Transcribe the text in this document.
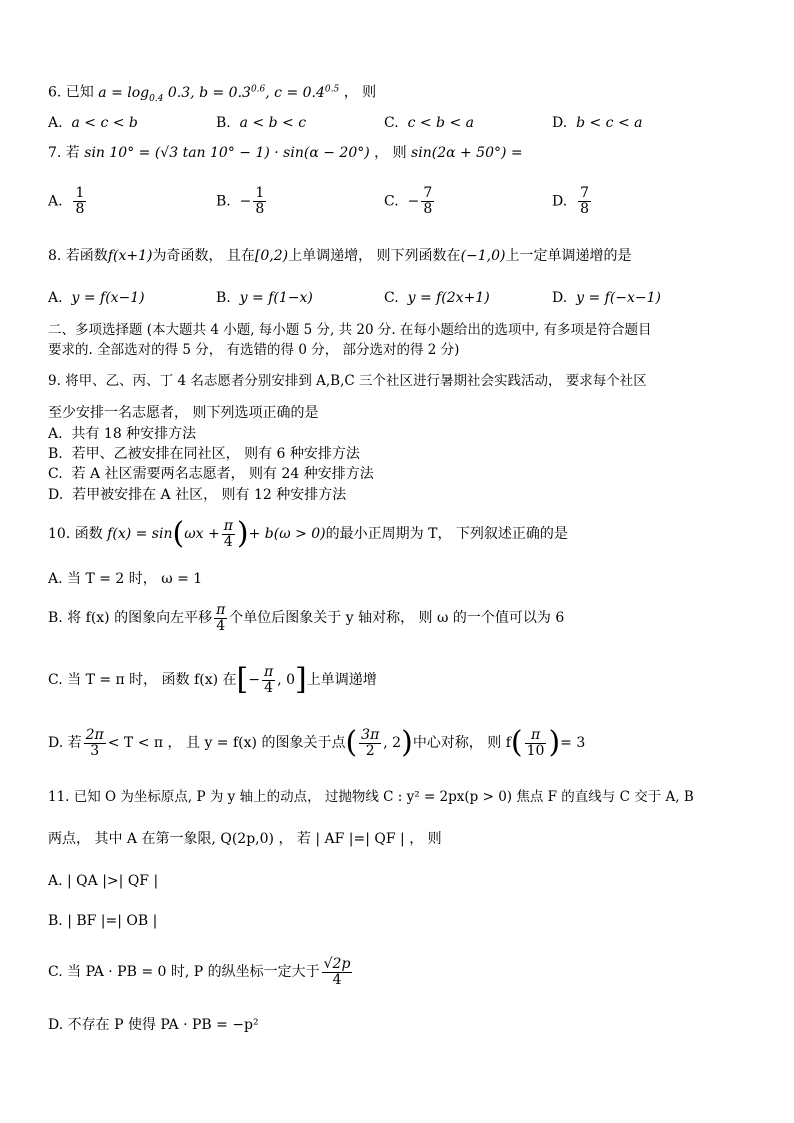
6. 已知 $a = \log_{0.4} 0.3$, $b = 0.3^{0.6}$, $c = 0.4^{0.5}$ ， 则
A. a < c < b	B. a < b < c	C. c < b < a	D. b < c < a
7. 若 sin 10° = (√3 tan 10° − 1) · sin(α − 20°) ， 则 sin(2α + 50°) =
A. $\frac{1}{8}$	B. − $\frac{1}{8}$	C. − $\frac{7}{8}$	D. $\frac{7}{8}$
8. 若函数f(x+1)为奇函数， 且在[0,2)上单调递增， 则下列函数在(−1,0)上一定单调递增的是
A. y = f(x−1)	B. y = f(1−x)	C. y = f(2x+1)	D. y = f(−x−1)
二、多项选择题 (本大题共 4 小题, 每小题 5 分, 共 20 分. 在每小题给出的选项中, 有多项是符合题目
要求的. 全部选对的得 5 分， 有选错的得 0 分， 部分选对的得 2 分)
9. 将甲、乙、丙、丁 4 名志愿者分别安排到 A,B,C 三个社区进行暑期社会实践活动， 要求每个社区
至少安排一名志愿者， 则下列选项正确的是
A. 共有 18 种安排方法
B. 若甲、乙被安排在同社区， 则有 6 种安排方法
C. 若 A 社区需要两名志愿者， 则有 24 种安排方法
D. 若甲被安排在 A 社区， 则有 12 种安排方法
10. 函数 $f(x) = \sin(\omega x + \frac{\pi}{4}$ )+ b(ω > 0)的最小正周期为 T， 下列叙述正确的是
A. 当 T = 2 时， ω = 1
B. 将 f(x) 的图象向左平移 $\frac{\pi}{4}$ 个单位后图象关于 y 轴对称， 则 ω 的一个值可以为 6
C. 当 T = π 时， 函数 f(x) 在[− $\frac{\pi}{4}$ , 0]上单调递增
D. 若 $\frac{2\pi}{3} < T < \pi$ ， 且 y = f(x) 的图象关于点( $\frac{3\pi}{2}$ , 2)中心对称， 则 $f( \frac{\pi}{10}$ )= 3
11. 已知 O 为坐标原点, P 为 y 轴上的动点， 过抛物线 C : y² = 2px(p > 0) 焦点 F 的直线与 C 交于 A, B
两点， 其中 A 在第一象限, Q(2p,0) ， 若 | AF |=| QF | ， 则
A. | QA |>| QF |
B. | BF |=| OB |
C. 当 PA · PB = 0 时, P 的纵坐标一定大于 $\frac{√2p}{4}$
D. 不存在 P 使得 PA · PB = −p²
